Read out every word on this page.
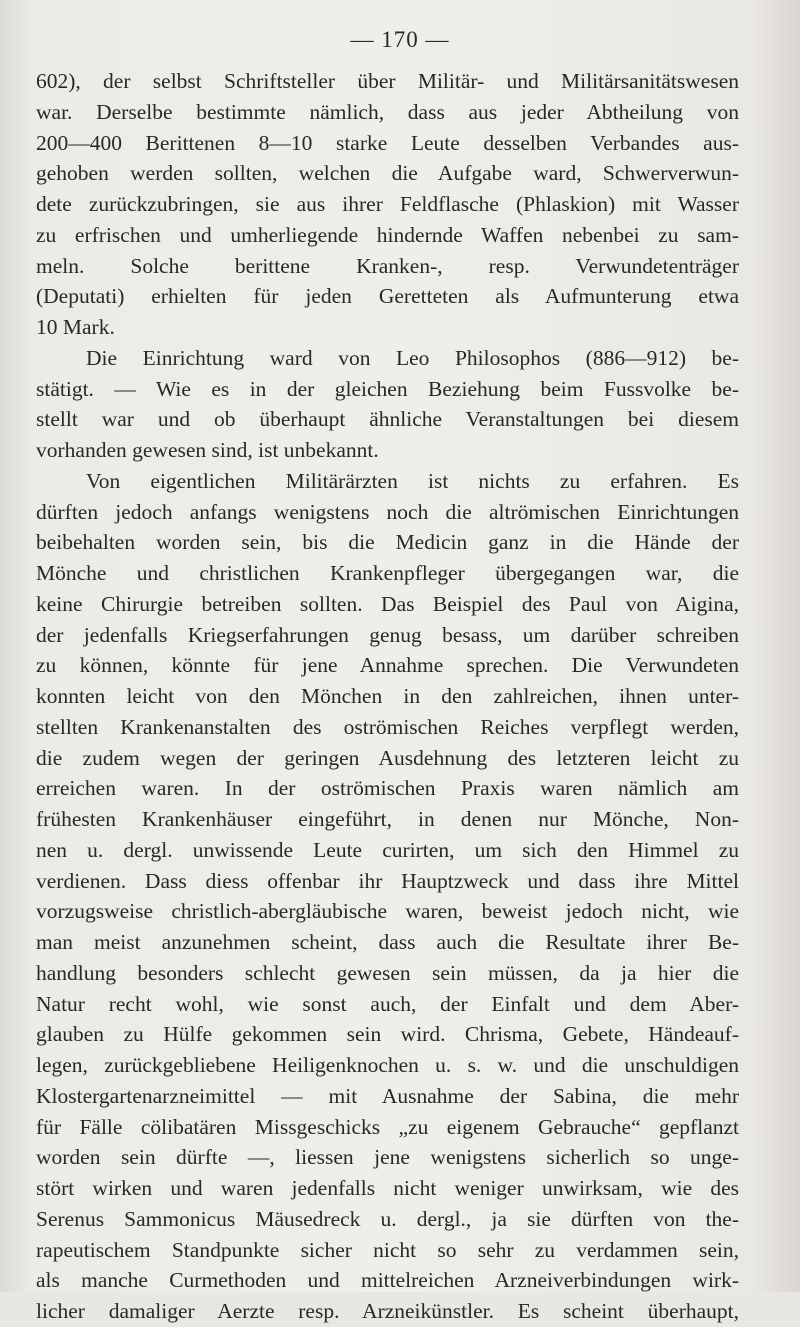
— 170 —
602), der selbst Schriftsteller über Militär- und Militärsanitätswesen
war. Derselbe bestimmte nämlich, dass aus jeder Abtheilung von
200—400 Berittenen 8—10 starke Leute desselben Verbandes aus-
gehoben werden sollten, welchen die Aufgabe ward, Schwerverwun-
dete zurückzubringen, sie aus ihrer Feldflasche (Phlaskion) mit Wasser
zu erfrischen und umherliegende hindernde Waffen nebenbei zu sam-
meln. Solche berittene Kranken-, resp. Verwundetenträger
(Deputati) erhielten für jeden Geretteten als Aufmunterung etwa
10 Mark.
Die Einrichtung ward von Leo Philosophos (886—912) be-
stätigt. — Wie es in der gleichen Beziehung beim Fussvolke be-
stellt war und ob überhaupt ähnliche Veranstaltungen bei diesem
vorhanden gewesen sind, ist unbekannt.
Von eigentlichen Militärärzten ist nichts zu erfahren. Es
dürften jedoch anfangs wenigstens noch die altrömischen Einrichtungen
beibehalten worden sein, bis die Medicin ganz in die Hände der
Mönche und christlichen Krankenpfleger übergegangen war, die
keine Chirurgie betreiben sollten. Das Beispiel des Paul von Aigina,
der jedenfalls Kriegserfahrungen genug besass, um darüber schreiben
zu können, könnte für jene Annahme sprechen. Die Verwundeten
konnten leicht von den Mönchen in den zahlreichen, ihnen unter-
stellten Krankenanstalten des oströmischen Reiches verpflegt werden,
die zudem wegen der geringen Ausdehnung des letzteren leicht zu
erreichen waren. In der oströmischen Praxis waren nämlich am
frühesten Krankenhäuser eingeführt, in denen nur Mönche, Non-
nen u. dergl. unwissende Leute curirten, um sich den Himmel zu
verdienen. Dass diess offenbar ihr Hauptzweck und dass ihre Mittel
vorzugsweise christlich-abergläubische waren, beweist jedoch nicht, wie
man meist anzunehmen scheint, dass auch die Resultate ihrer Be-
handlung besonders schlecht gewesen sein müssen, da ja hier die
Natur recht wohl, wie sonst auch, der Einfalt und dem Aber-
glauben zu Hülfe gekommen sein wird. Chrisma, Gebete, Händeauf-
legen, zurückgebliebene Heiligenknochen u. s. w. und die unschuldigen
Klostergartenarzneimittel — mit Ausnahme der Sabina, die mehr
für Fälle cölibatären Missgeschicks „zu eigenem Gebrauche“ gepflanzt
worden sein dürfte —, liessen jene wenigstens sicherlich so unge-
stört wirken und waren jedenfalls nicht weniger unwirksam, wie des
Serenus Sammonicus Mäusedreck u. dergl., ja sie dürften von the-
rapeutischem Standpunkte sicher nicht so sehr zu verdammen sein,
als manche Curmethoden und mittelreichen Arzneiverbindungen wirk-
licher damaliger Aerzte resp. Arzneikünstler. Es scheint überhaupt,
